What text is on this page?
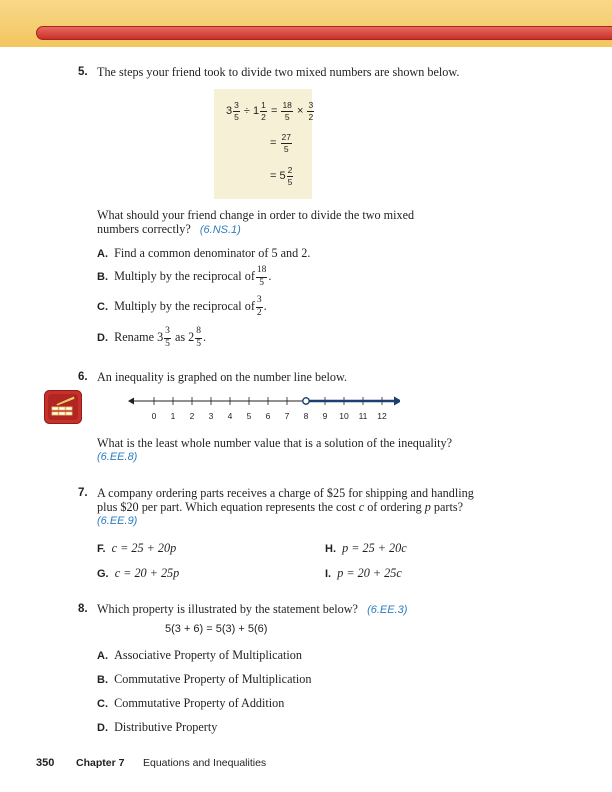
5. The steps your friend took to divide two mixed numbers are shown below.
$3 \frac{3}{5} \div 1 \frac{1}{2} = \frac{18}{5} \times \frac{3}{2}$
= $\frac{27}{5}$
= $5 \frac{2}{5}$
What should your friend change in order to divide the two mixed
numbers correctly? (6.NS.1)
A. Find a common denominator of 5 and 2.
B. Multiply by the reciprocal of $\frac{18}{5}$ .
C. Multiply by the reciprocal of $\frac{3}{2}$ .
D. Rename $3 \frac{3}{5}$ as $2 \frac{8}{5}$ .
6. An inequality is graphed on the number line below.
0 1 2 3 4 5 6 7 8 9 10 11 12
What is the least whole number value that is a solution of the inequality?
(6.EE.8)
7. A company ordering parts receives a charge of $25 for shipping and handling
plus $20 per part. Which equation represents the cost c of ordering p parts?
(6.EE.9)
F. c = 25 + 20p	H. p = 25 + 20c
G. c = 20 + 25p	I. p = 20 + 25c
8. Which property is illustrated by the statement below? (6.EE.3)
5(3 + 6) = 5(3) + 5(6)
A. Associative Property of Multiplication
B. Commutative Property of Multiplication
C. Commutative Property of Addition
D. Distributive Property
350 Chapter 7 Equations and Inequalities
